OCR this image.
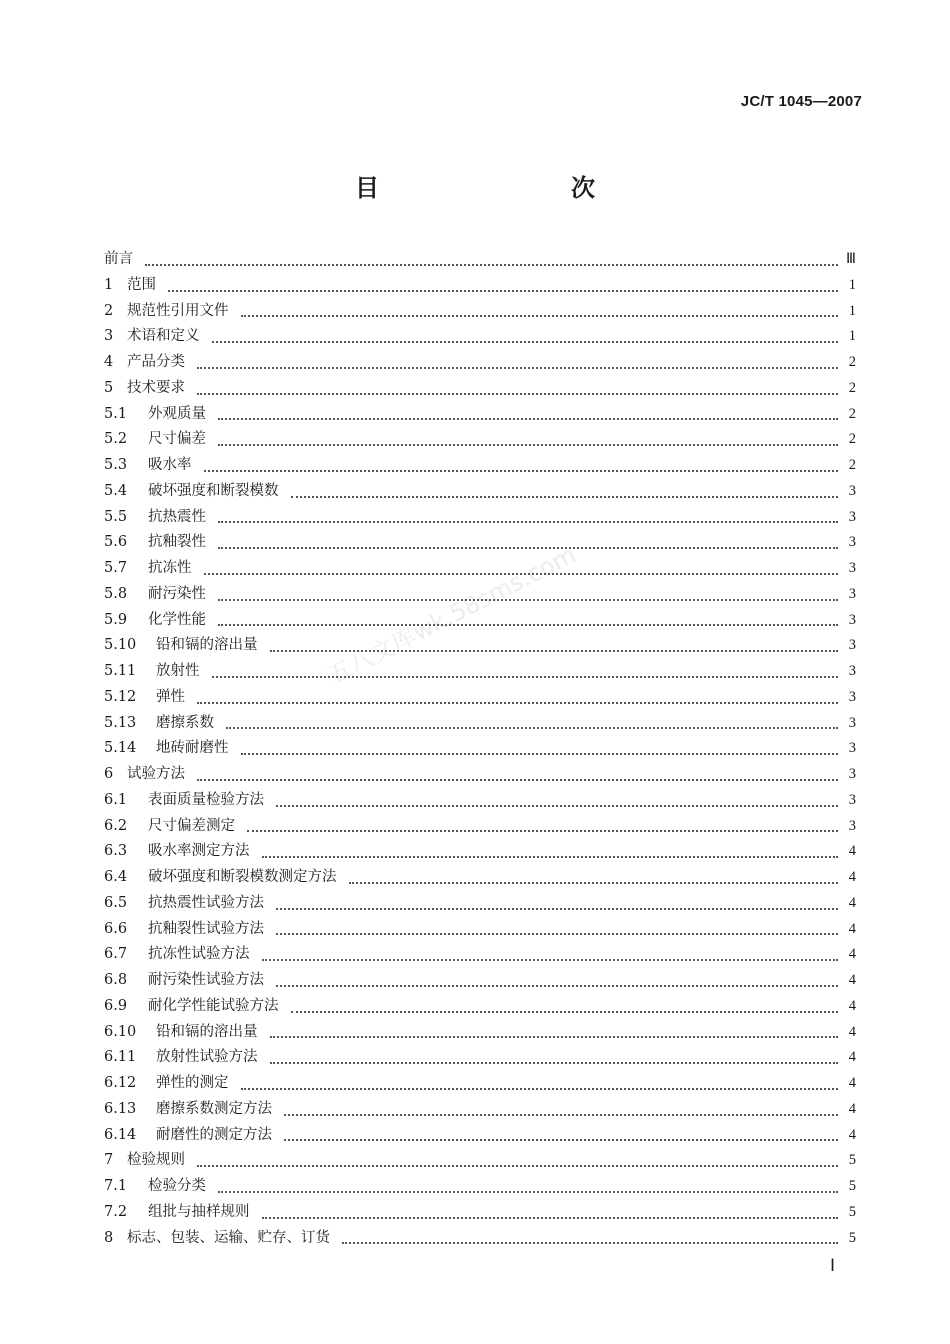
JC/T 1045—2007
目　　次
五八文库wk.58sms.com
前言	Ⅲ
1 范围	1
2 规范性引用文件	1
3 术语和定义	1
4 产品分类	2
5 技术要求	2
5.1	外观质量	2
5.2	尺寸偏差	2
5.3	吸水率	2
5.4	破坏强度和断裂模数	3
5.5	抗热震性	3
5.6	抗釉裂性	3
5.7	抗冻性	3
5.8	耐污染性	3
5.9	化学性能	3
5.10	铅和镉的溶出量	3
5.11	放射性	3
5.12	弹性	3
5.13	磨擦系数	3
5.14	地砖耐磨性	3
6 试验方法	3
6.1	表面质量检验方法	3
6.2	尺寸偏差测定	3
6.3	吸水率测定方法	4
6.4	破坏强度和断裂模数测定方法	4
6.5	抗热震性试验方法	4
6.6	抗釉裂性试验方法	4
6.7	抗冻性试验方法	4
6.8	耐污染性试验方法	4
6.9	耐化学性能试验方法	4
6.10	铅和镉的溶出量	4
6.11	放射性试验方法	4
6.12	弹性的测定	4
6.13	磨擦系数测定方法	4
6.14	耐磨性的测定方法	4
7 检验规则	5
7.1	检验分类	5
7.2	组批与抽样规则	5
8 标志、包装、运输、贮存、订货	5
Ⅰ
